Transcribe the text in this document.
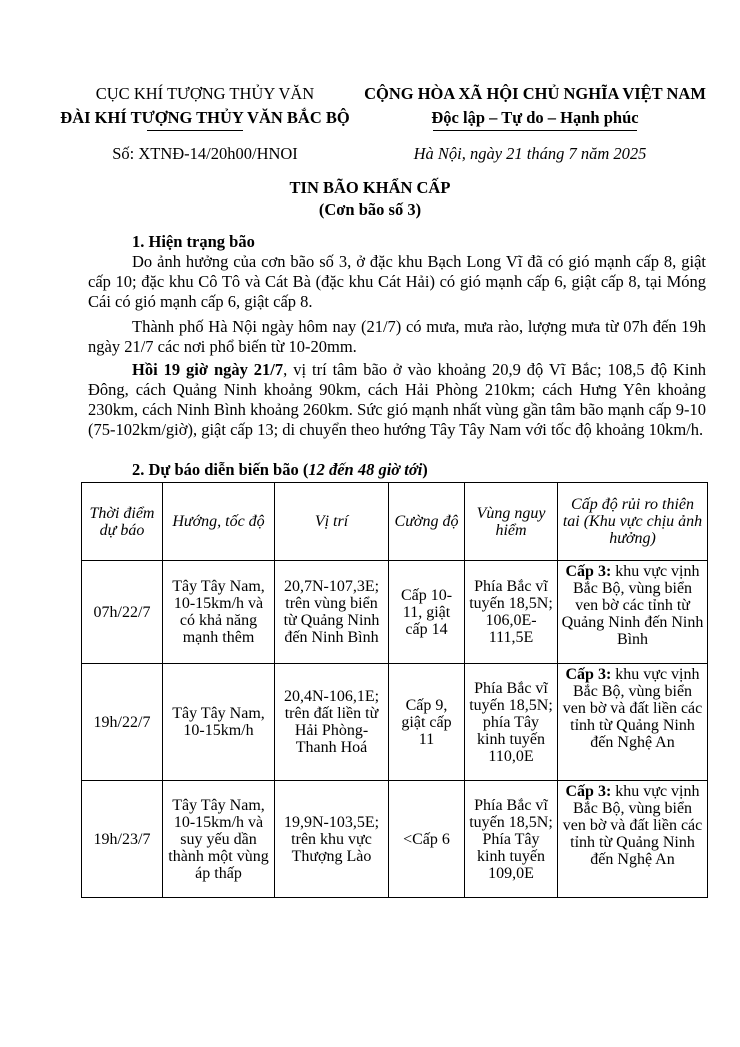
CỤC KHÍ TƯỢNG THỦY VĂN
ĐÀI KHÍ TƯỢNG THỦY VĂN BẮC BỘ
CỘNG HÒA XÃ HỘI CHỦ NGHĨA VIỆT NAM
Độc lập – Tự do – Hạnh phúc
Số: XTNĐ-14/20h00/HNOI	Hà Nội, ngày 21 tháng 7 năm 2025
TIN BÃO KHẨN CẤP
(Cơn bão số 3)
1. Hiện trạng bão
Do ảnh hưởng của cơn bão số 3, ở đặc khu Bạch Long Vĩ đã có gió mạnh cấp 8, giật cấp 10; đặc khu Cô Tô và Cát Bà (đặc khu Cát Hải) có gió mạnh cấp 6, giật cấp 8, tại Móng Cái có gió mạnh cấp 6, giật cấp 8.
Thành phố Hà Nội ngày hôm nay (21/7) có mưa, mưa rào, lượng mưa từ 07h đến 19h ngày 21/7 các nơi phổ biến từ 10-20mm.
Hồi 19 giờ ngày 21/7, vị trí tâm bão ở vào khoảng 20,9 độ Vĩ Bắc; 108,5 độ Kinh Đông, cách Quảng Ninh khoảng 90km, cách Hải Phòng 210km; cách Hưng Yên khoảng 230km, cách Ninh Bình khoảng 260km. Sức gió mạnh nhất vùng gần tâm bão mạnh cấp 9-10 (75-102km/giờ), giật cấp 13; di chuyển theo hướng Tây Tây Nam với tốc độ khoảng 10km/h.
2. Dự báo diễn biến bão (12 đến 48 giờ tới)
Thời điểm dự báo	Hướng, tốc độ	Vị trí	Cường độ	Vùng nguy hiểm	Cấp độ rủi ro thiên tai (Khu vực chịu ảnh hưởng)
07h/22/7	Tây Tây Nam, 10-15km/h và có khả năng mạnh thêm	20,7N-107,3E; trên vùng biển từ Quảng Ninh đến Ninh Bình	Cấp 10-11, giật cấp 14	Phía Bắc vĩ tuyến 18,5N; 106,0E-111,5E	Cấp 3: khu vực vịnh Bắc Bộ, vùng biển ven bờ các tỉnh từ Quảng Ninh đến Ninh Bình
19h/22/7	Tây Tây Nam, 10-15km/h	20,4N-106,1E; trên đất liền từ Hải Phòng-Thanh Hoá	Cấp 9, giật cấp 11	Phía Bắc vĩ tuyến 18,5N; phía Tây kinh tuyến 110,0E	Cấp 3: khu vực vịnh Bắc Bộ, vùng biển ven bờ và đất liền các tỉnh từ Quảng Ninh đến Nghệ An
19h/23/7	Tây Tây Nam, 10-15km/h và suy yếu dần thành một vùng áp thấp	19,9N-103,5E; trên khu vực Thượng Lào	<Cấp 6	Phía Bắc vĩ tuyến 18,5N; Phía Tây kinh tuyến 109,0E	Cấp 3: khu vực vịnh Bắc Bộ, vùng biển ven bờ và đất liền các tỉnh từ Quảng Ninh đến Nghệ An
